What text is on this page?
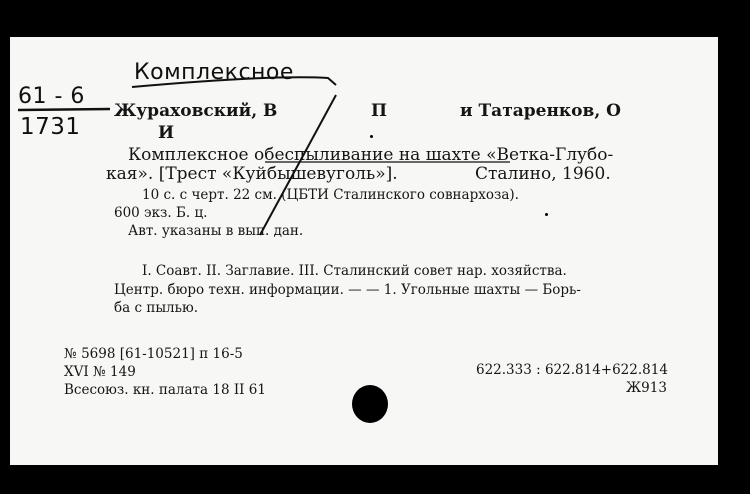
Комплексное
61 - 6
1731
Жураховский, В	П	и Татаренков, О
И
Комплексное обеспыливание на шахте «Ветка-Глубо-
кая». [Трест «Куйбышевуголь»].	Сталино, 1960.
10 с. с черт. 22 см. (ЦБТИ Сталинского совнархоза).
600 экз. Б. ц.
Авт. указаны в вып. дан.
I. Соавт. II. Заглавие. III. Сталинский совет нар. хозяйства.
Центр. бюро техн. информации. — — 1. Угольные шахты — Борь-
ба с пылью.
№ 5698 [61-10521] п 16-5
XVI № 149
Всесоюз. кн. палата 18 II 61
622.333 : 622.814+622.814
Ж913
